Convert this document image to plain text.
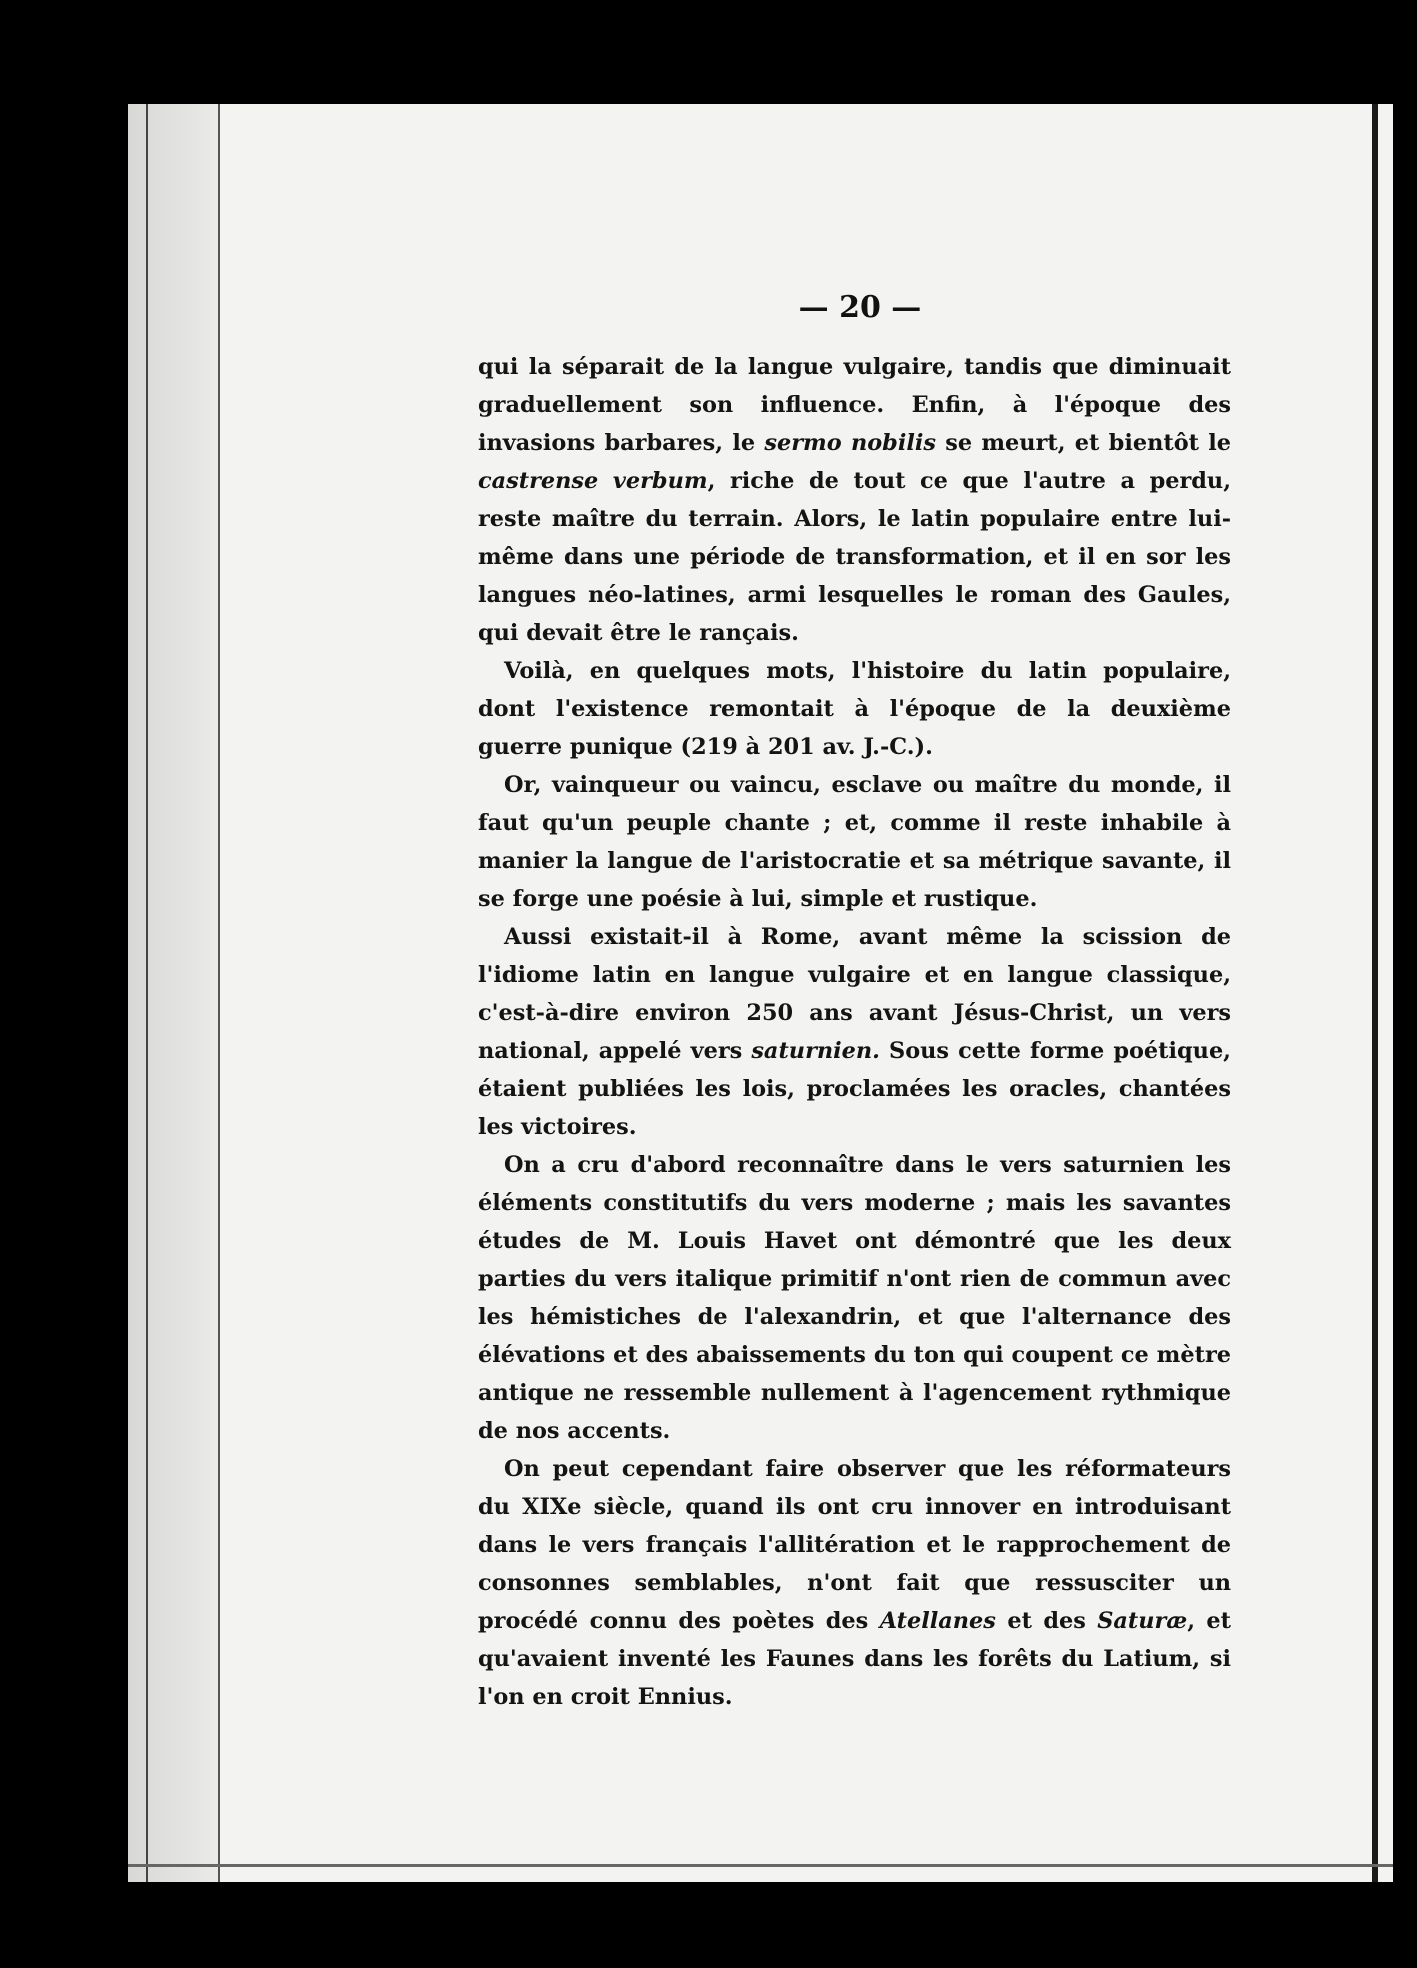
— 20 —

qui la séparait de la langue vulgaire, tandis que diminuait graduellement son influence. Enfin, à l'époque des invasions barbares, le sermo nobilis se meurt, et bientôt le castrense verbum, riche de tout ce que l'autre a perdu, reste maître du terrain. Alors, le latin populaire entre lui-même dans une période de transformation, et il en sor les langues néo-latines, armi lesquelles le roman des Gaules, qui devait être le rançais.

Voilà, en quelques mots, l'histoire du latin populaire, dont l'existence remontait à l'époque de la deuxième guerre punique (219 à 201 av. J.-C.).

Or, vainqueur ou vaincu, esclave ou maître du monde, il faut qu'un peuple chante ; et, comme il reste inhabile à manier la langue de l'aristocratie et sa métrique savante, il se forge une poésie à lui, simple et rustique.

Aussi existait-il à Rome, avant même la scission de l'idiome latin en langue vulgaire et en langue classique, c'est-à-dire environ 250 ans avant Jésus-Christ, un vers national, appelé vers saturnien. Sous cette forme poétique, étaient publiées les lois, proclamées les oracles, chantées les victoires.

On a cru d'abord reconnaître dans le vers saturnien les éléments constitutifs du vers moderne ; mais les savantes études de M. Louis Havet ont démontré que les deux parties du vers italique primitif n'ont rien de commun avec les hémistiches de l'alexandrin, et que l'alternance des élévations et des abaissements du ton qui coupent ce mètre antique ne ressemble nullement à l'agencement rythmique de nos accents.

On peut cependant faire observer que les réformateurs du XIXe siècle, quand ils ont cru innover en introduisant dans le vers français l'allitération et le rapprochement de consonnes semblables, n'ont fait que ressusciter un procédé connu des poètes des Atellanes et des Saturæ, et qu'avaient inventé les Faunes dans les forêts du Latium, si l'on en croit Ennius.
